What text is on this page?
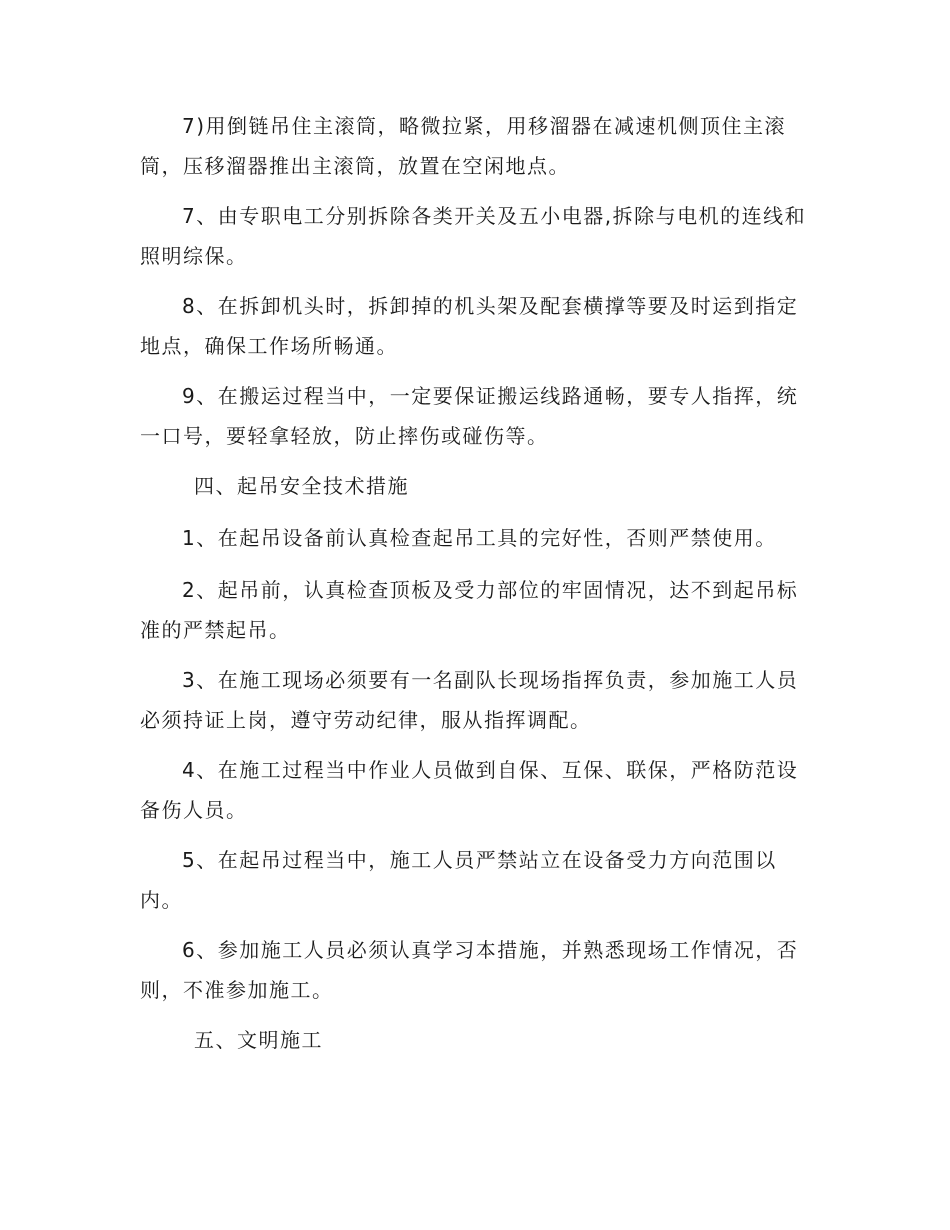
7)用倒链吊住主滚筒，略微拉紧，用移溜器在减速机侧顶住主滚筒，压移溜器推出主滚筒，放置在空闲地点。

7、由专职电工分别拆除各类开关及五小电器,拆除与电机的连线和照明综保。

8、在拆卸机头时，拆卸掉的机头架及配套横撑等要及时运到指定地点，确保工作场所畅通。

9、在搬运过程当中，一定要保证搬运线路通畅，要专人指挥，统一口号，要轻拿轻放，防止摔伤或碰伤等。

四、起吊安全技术措施

1、在起吊设备前认真检查起吊工具的完好性，否则严禁使用。

2、起吊前，认真检查顶板及受力部位的牢固情况，达不到起吊标准的严禁起吊。

3、在施工现场必须要有一名副队长现场指挥负责，参加施工人员必须持证上岗，遵守劳动纪律，服从指挥调配。

4、在施工过程当中作业人员做到自保、互保、联保，严格防范设备伤人员。

5、在起吊过程当中，施工人员严禁站立在设备受力方向范围以内。

6、参加施工人员必须认真学习本措施，并熟悉现场工作情况，否则，不准参加施工。

五、文明施工
